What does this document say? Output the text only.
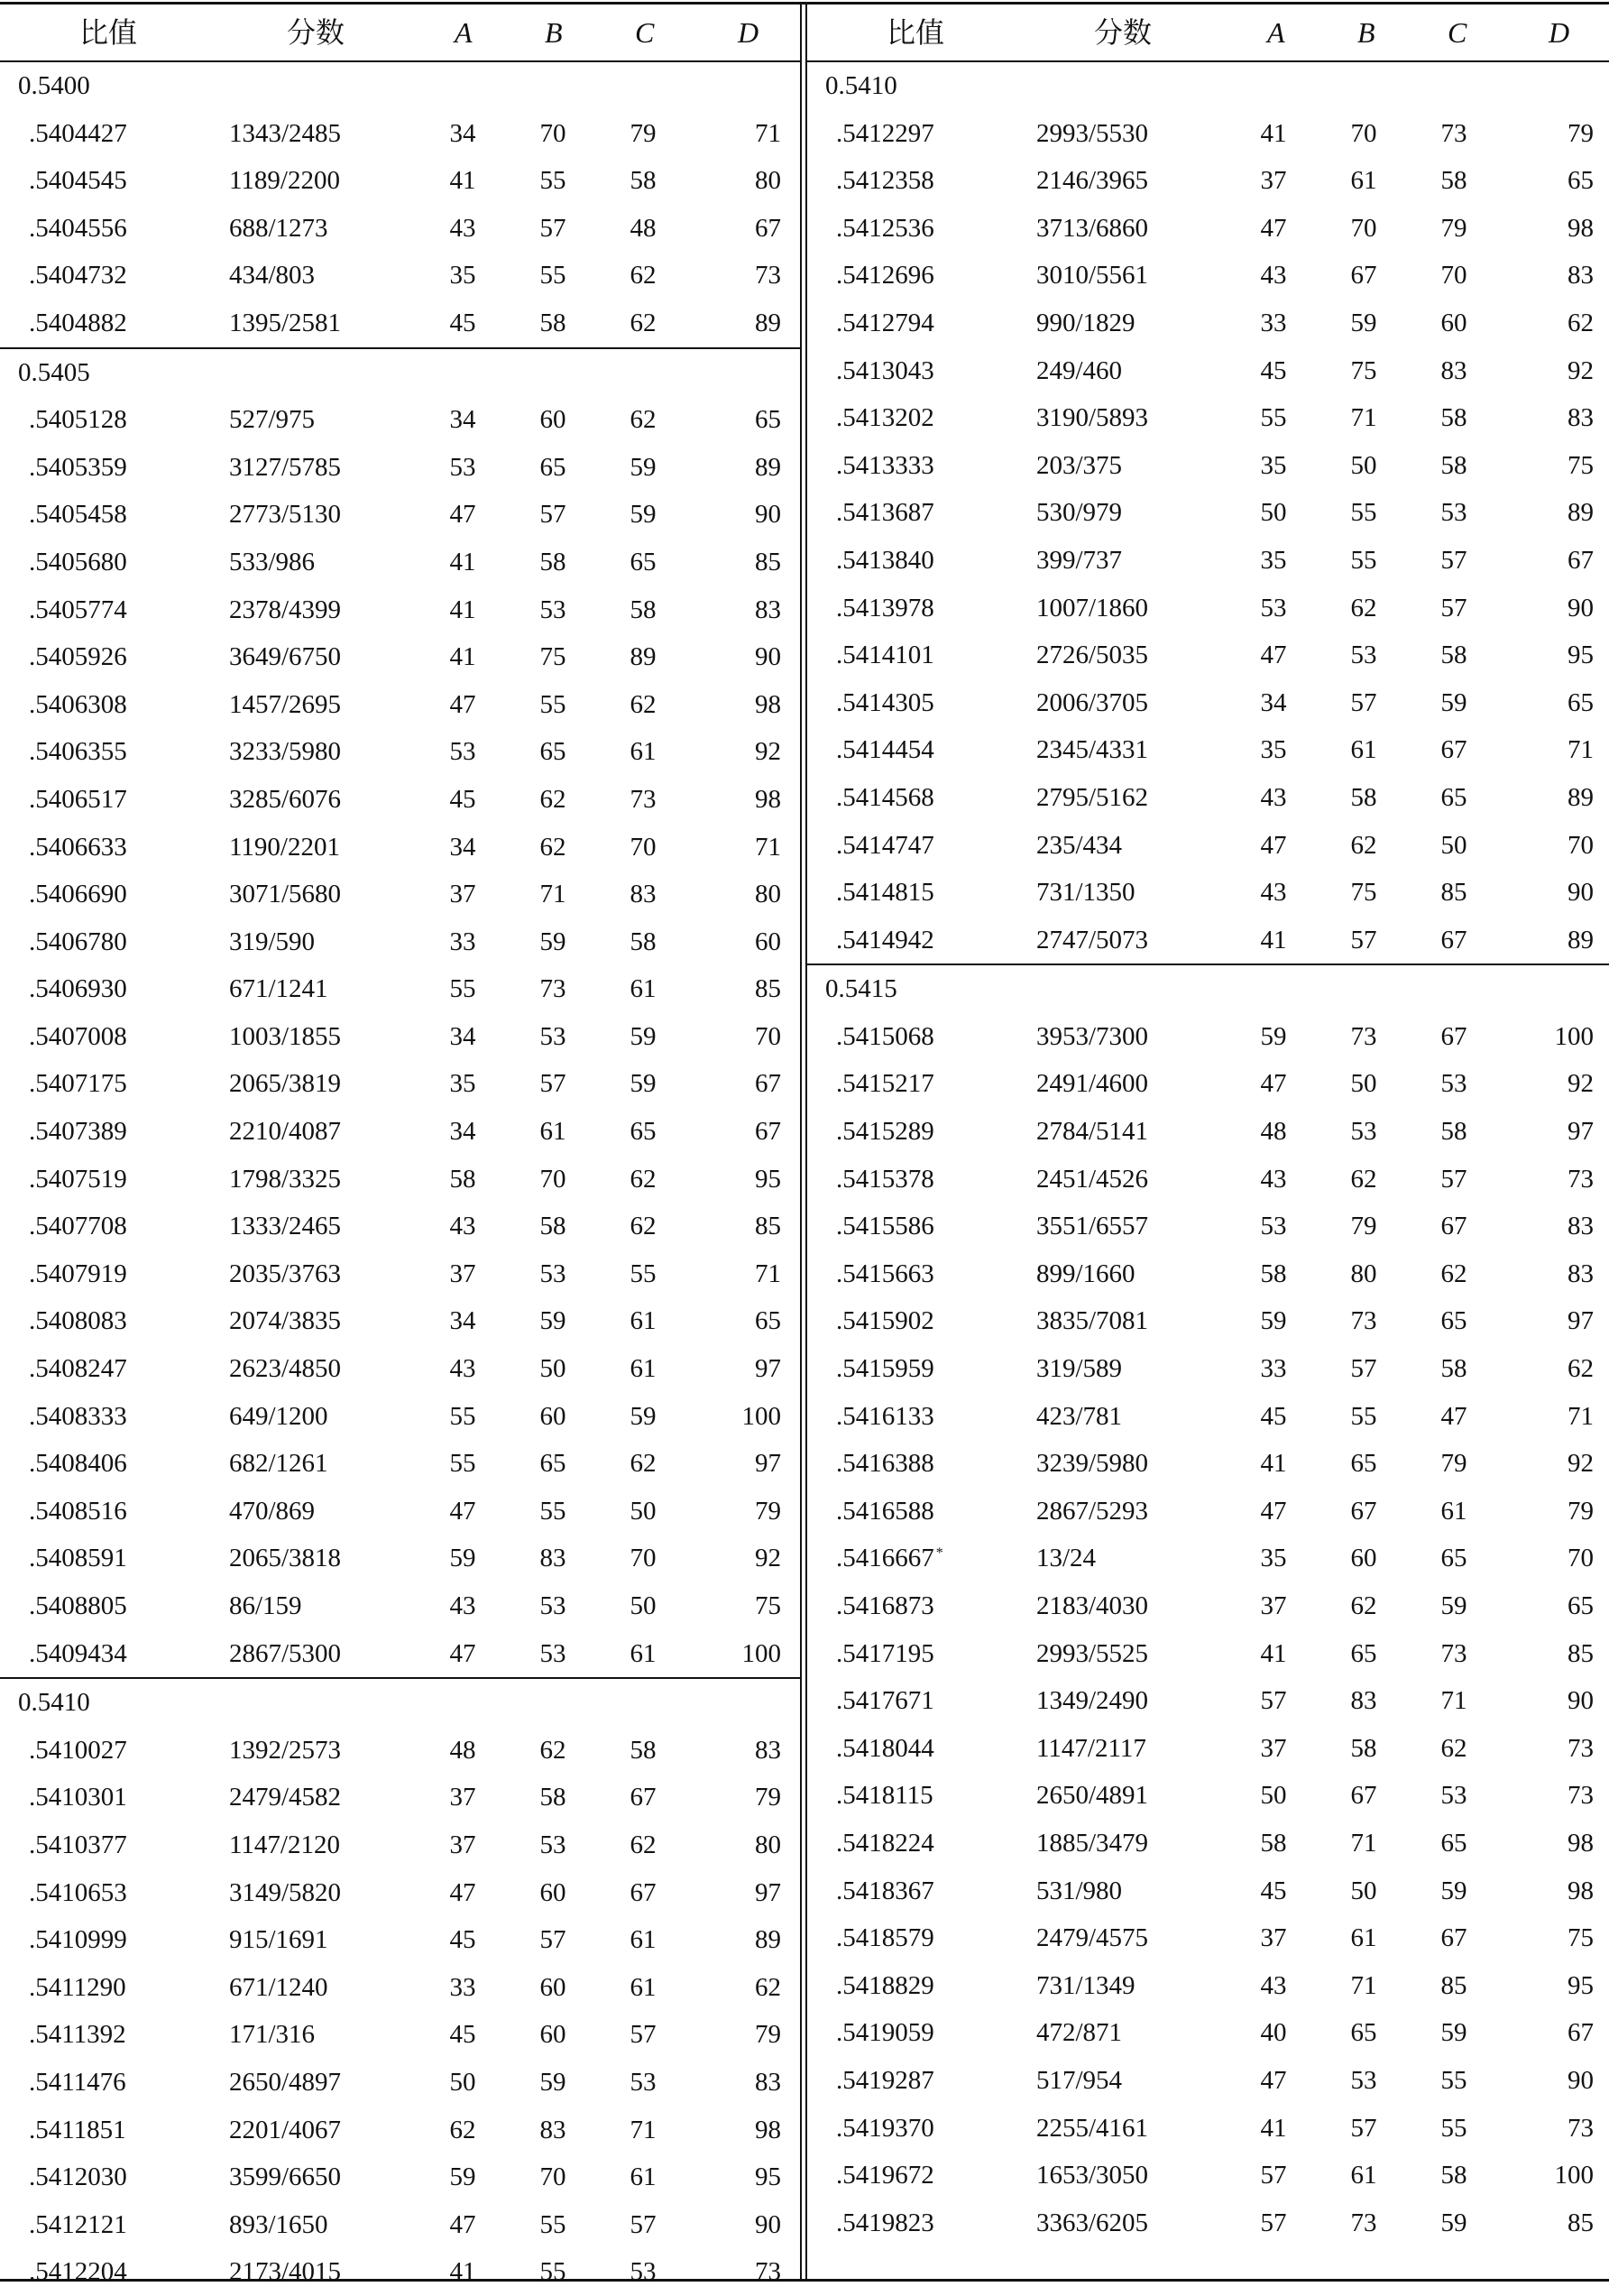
比值	分数	A	B	C	D
0.5400
.5404427	1343/2485	34 70 79	71
.5404545	1189/2200	41 55 58	80
.5404556	688/1273	43 57 48	67
.5404732	434/803	35 55 62	73
.5404882	1395/2581	45 58 62	89
0.5405
.5405128	527/975	34 60 62	65
.5405359	3127/5785	53 65 59	89
.5405458	2773/5130	47 57 59	90
.5405680	533/986	41 58 65	85
.5405774	2378/4399	41 53 58	83
.5405926	3649/6750	41 75 89	90
.5406308	1457/2695	47 55 62	98
.5406355	3233/5980	53 65 61	92
.5406517	3285/6076	45 62 73	98
.5406633	1190/2201	34 62 70	71
.5406690	3071/5680	37 71 83	80
.5406780	319/590	33 59 58	60
.5406930	671/1241	55 73 61	85
.5407008	1003/1855	34 53 59	70
.5407175	2065/3819	35 57 59	67
.5407389	2210/4087	34 61 65	67
.5407519	1798/3325	58 70 62	95
.5407708	1333/2465	43 58 62	85
.5407919	2035/3763	37 53 55	71
.5408083	2074/3835	34 59 61	65
.5408247	2623/4850	43 50 61	97
.5408333	649/1200	55 60 59	100
.5408406	682/1261	55 65 62	97
.5408516	470/869	47 55 50	79
.5408591	2065/3818	59 83 70	92
.5408805	86/159	43 53 50	75
.5409434	2867/5300	47 53 61	100
0.5410
.5410027	1392/2573	48 62 58	83
.5410301	2479/4582	37 58 67	79
.5410377	1147/2120	37 53 62	80
.5410653	3149/5820	47 60 67	97
.5410999	915/1691	45 57 61	89
.5411290	671/1240	33 60 61	62
.5411392	171/316	45 60 57	79
.5411476	2650/4897	50 59 53	83
.5411851	2201/4067	62 83 71	98
.5412030	3599/6650	59 70 61	95
.5412121	893/1650	47 55 57	90
.5412204	2173/4015	41 55 53	73
比值	分数	A	B	C	D
0.5410
.5412297	2993/5530	41 70 73	79
.5412358	2146/3965	37 61 58	65
.5412536	3713/6860	47 70 79	98
.5412696	3010/5561	43 67 70	83
.5412794	990/1829	33 59 60	62
.5413043	249/460	45 75 83	92
.5413202	3190/5893	55 71 58	83
.5413333	203/375	35 50 58	75
.5413687	530/979	50 55 53	89
.5413840	399/737	35 55 57	67
.5413978	1007/1860	53 62 57	90
.5414101	2726/5035	47 53 58	95
.5414305	2006/3705	34 57 59	65
.5414454	2345/4331	35 61 67	71
.5414568	2795/5162	43 58 65	89
.5414747	235/434	47 62 50	70
.5414815	731/1350	43 75 85	90
.5414942	2747/5073	41 57 67	89
0.5415
.5415068	3953/7300	59 73 67	100
.5415217	2491/4600	47 50 53	92
.5415289	2784/5141	48 53 58	97
.5415378	2451/4526	43 62 57	73
.5415586	3551/6557	53 79 67	83
.5415663	899/1660	58 80 62	83
.5415902	3835/7081	59 73 65	97
.5415959	319/589	33 57 58	62
.5416133	423/781	45 55 47	71
.5416388	3239/5980	41 65 79	92
.5416588	2867/5293	47 67 61	79
.5416667 *	13/24	35 60 65	70
.5416873	2183/4030	37 62 59	65
.5417195	2993/5525	41 65 73	85
.5417671	1349/2490	57 83 71	90
.5418044	1147/2117	37 58 62	73
.5418115	2650/4891	50 67 53	73
.5418224	1885/3479	58 71 65	98
.5418367	531/980	45 50 59	98
.5418579	2479/4575	37 61 67	75
.5418829	731/1349	43 71 85	95
.5419059	472/871	40 65 59	67
.5419287	517/954	47 53 55	90
.5419370	2255/4161	41 57 55	73
.5419672	1653/3050	57 61 58	100
.5419823	3363/6205	57 73 59	85
